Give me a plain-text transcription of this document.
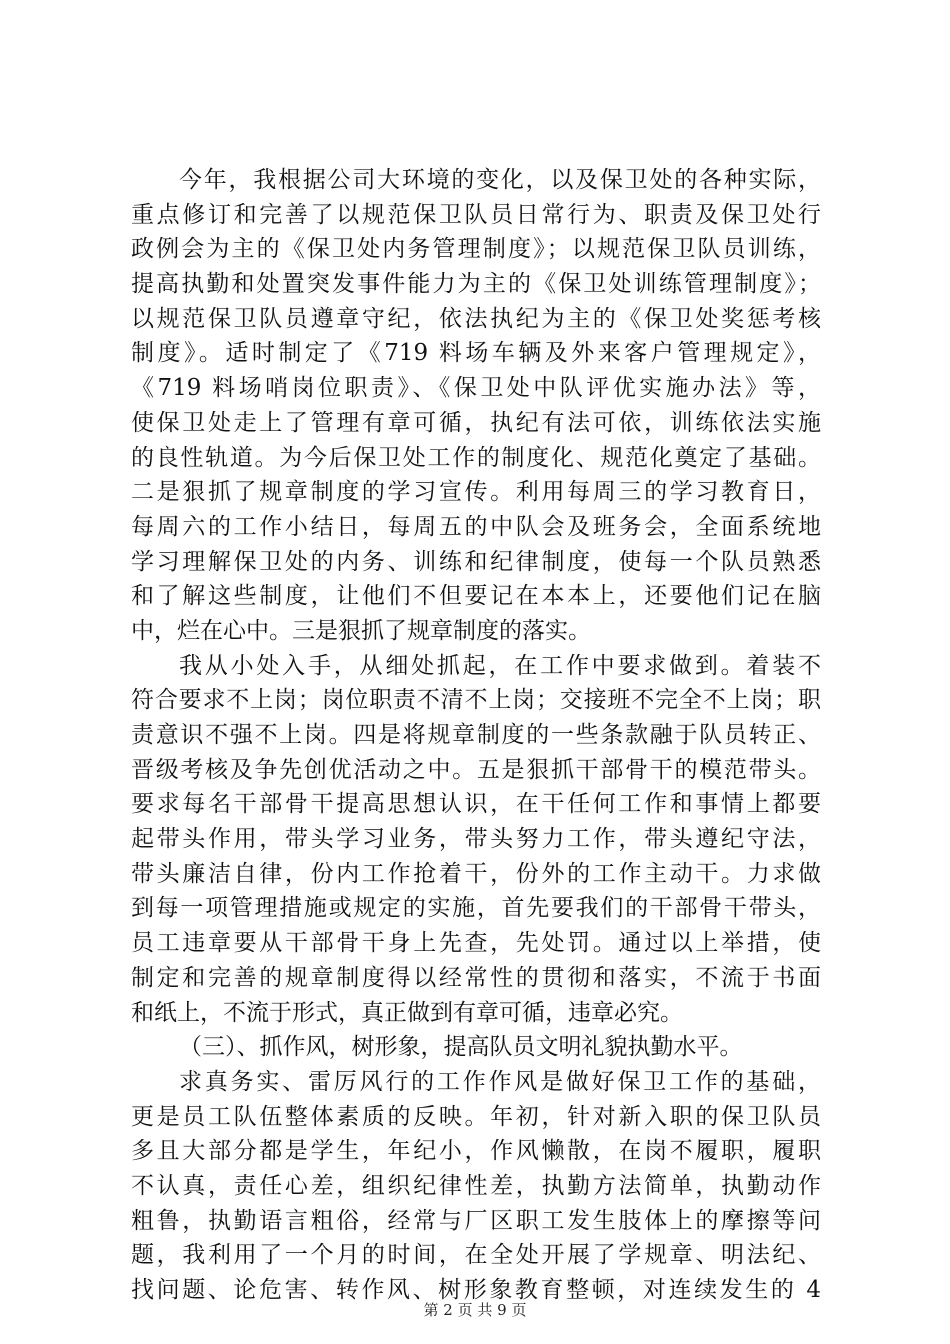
今年，我根据公司大环境的变化，以及保卫处的各种实际，
重点修订和完善了以规范保卫队员日常行为、职责及保卫处行
政例会为主的《保卫处内务管理制度》；以规范保卫队员训练，
提高执勤和处置突发事件能力为主的《保卫处训练管理制度》；
以规范保卫队员遵章守纪，依法执纪为主的《保卫处奖惩考核
制度》。适时制定了《719 料场车辆及外来客户管理规定》，
《719 料场哨岗位职责》、《保卫处中队评优实施办法》等，
使保卫处走上了管理有章可循，执纪有法可依，训练依法实施
的良性轨道。为今后保卫处工作的制度化、规范化奠定了基础。
二是狠抓了规章制度的学习宣传。利用每周三的学习教育日，
每周六的工作小结日，每周五的中队会及班务会，全面系统地
学习理解保卫处的内务、训练和纪律制度，使每一个队员熟悉
和了解这些制度，让他们不但要记在本本上，还要他们记在脑
中，烂在心中。三是狠抓了规章制度的落实。
我从小处入手，从细处抓起，在工作中要求做到。着装不
符合要求不上岗；岗位职责不清不上岗；交接班不完全不上岗；职
责意识不强不上岗。四是将规章制度的一些条款融于队员转正、
晋级考核及争先创优活动之中。五是狠抓干部骨干的模范带头。
要求每名干部骨干提高思想认识，在干任何工作和事情上都要
起带头作用，带头学习业务，带头努力工作，带头遵纪守法，
带头廉洁自律，份内工作抢着干，份外的工作主动干。力求做
到每一项管理措施或规定的实施，首先要我们的干部骨干带头，
员工违章要从干部骨干身上先查，先处罚。通过以上举措，使
制定和完善的规章制度得以经常性的贯彻和落实，不流于书面
和纸上，不流于形式，真正做到有章可循，违章必究。
（三）、抓作风，树形象，提高队员文明礼貌执勤水平。
求真务实、雷厉风行的工作作风是做好保卫工作的基础，
更是员工队伍整体素质的反映。年初，针对新入职的保卫队员
多且大部分都是学生，年纪小，作风懒散，在岗不履职，履职
不认真，责任心差，组织纪律性差，执勤方法简单，执勤动作
粗鲁，执勤语言粗俗，经常与厂区职工发生肢体上的摩擦等问
题，我利用了一个月的时间，在全处开展了学规章、明法纪、
找问题、论危害、转作风、树形象教育整顿，对连续发生的 4
第 2 页 共 9 页
